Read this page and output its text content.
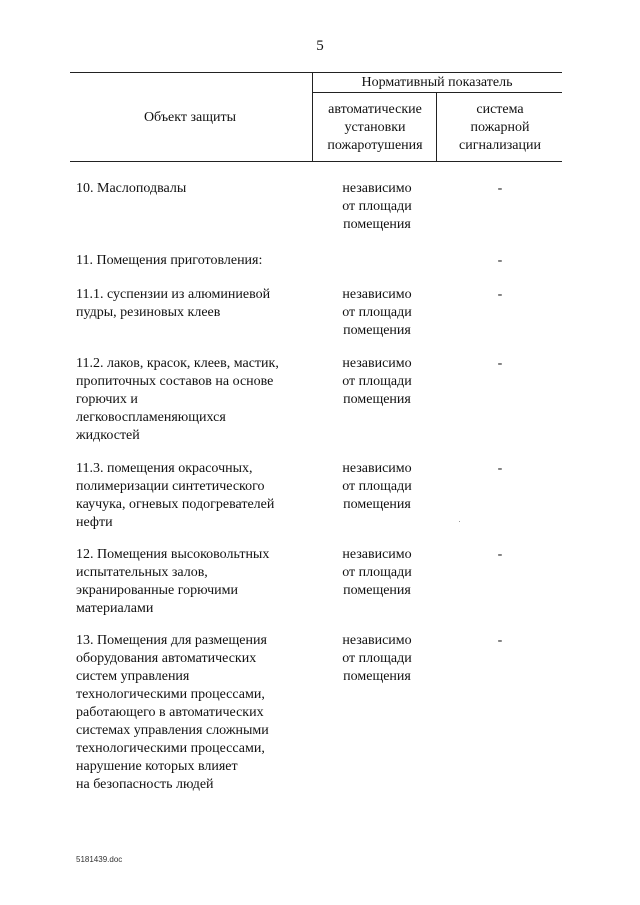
5
Объект защиты
Нормативный показатель
автоматические
установки
пожаротушения
система
пожарной
сигнализации
10. Маслоподвалы	независимо
от площади
помещения
-
11. Помещения приготовления:	-
11.1. суспензии из алюминиевой
пудры, резиновых клеев
независимо
от площади
помещения
-
11.2. лаков, красок, клеев, мастик,
пропиточных составов на основе
горючих и
легковоспламеняющихся
жидкостей
независимо
от площади
помещения
-
11.3. помещения окрасочных,
полимеризации синтетического
каучука, огневых подогревателей
нефти
независимо
от площади
помещения
-
12. Помещения высоковольтных
испытательных залов,
экранированные горючими
материалами
независимо
от площади
помещения
-
13. Помещения для размещения
оборудования автоматических
систем управления
технологическими процессами,
работающего в автоматических
системах управления сложными
технологическими процессами,
нарушение которых влияет
на безопасность людей
независимо
от площади
помещения
-
5181439.doc
